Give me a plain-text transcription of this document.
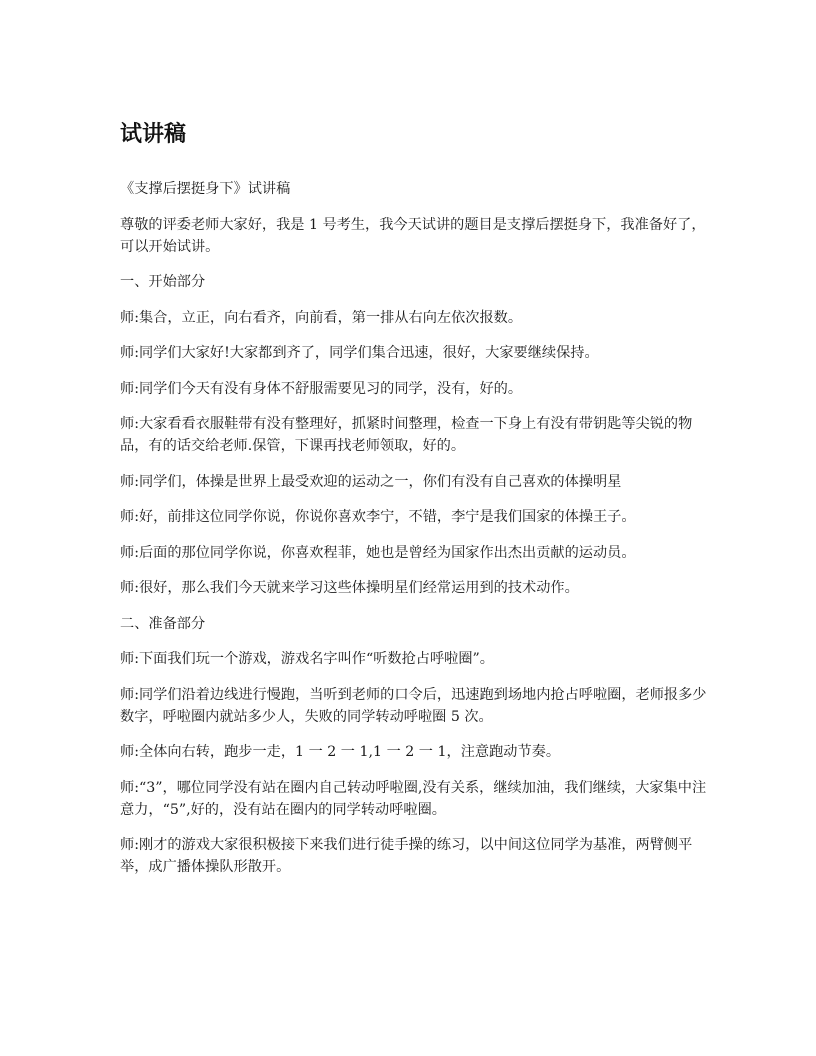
试讲稿

《支撑后摆挺身下》试讲稿

尊敬的评委老师大家好，我是 1 号考生，我今天试讲的题目是支撑后摆挺身下，我准备好了，可以开始试讲。

一、开始部分

师:集合，立正，向右看齐，向前看，第一排从右向左依次报数。

师:同学们大家好!大家都到齐了，同学们集合迅速，很好，大家要继续保持。

师:同学们今天有没有身体不舒服需要见习的同学，没有，好的。

师:大家看看衣服鞋带有没有整理好，抓紧时间整理，检查一下身上有没有带钥匙等尖锐的物品，有的话交给老师.保管，下课再找老师领取，好的。

师:同学们，体操是世界上最受欢迎的运动之一，你们有没有自己喜欢的体操明星

师:好，前排这位同学你说，你说你喜欢李宁，不错，李宁是我们国家的体操王子。

师:后面的那位同学你说，你喜欢程菲，她也是曾经为国家作出杰出贡献的运动员。

师:很好，那么我们今天就来学习这些体操明星们经常运用到的技术动作。

二、准备部分

师:下面我们玩一个游戏，游戏名字叫作“听数抢占呼啦圈”。

师:同学们沿着边线进行慢跑，当听到老师的口令后，迅速跑到场地内抢占呼啦圈，老师报多少数字，呼啦圈内就站多少人，失败的同学转动呼啦圈 5 次。

师:全体向右转，跑步一走，1 一 2 一 1,1 一 2 一 1，注意跑动节奏。

师:“3”，哪位同学没有站在圈内自己转动呼啦圈,没有关系，继续加油，我们继续，大家集中注意力，“5”,好的，没有站在圈内的同学转动呼啦圈。

师:刚才的游戏大家很积极接下来我们进行徒手操的练习，以中间这位同学为基准，两臂侧平举，成广播体操队形散开。
